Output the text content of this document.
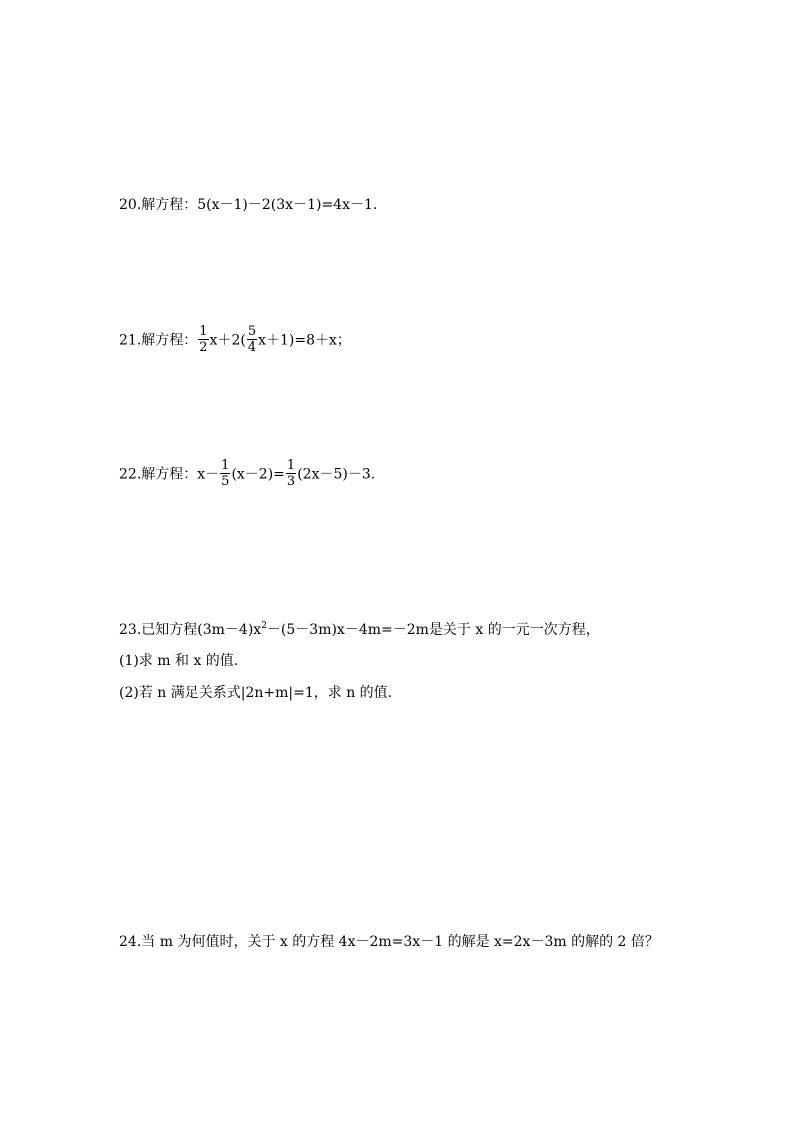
20.解方程：5(x－1)－2(3x－1)=4x－1.
21.解方程： $\frac{1}{2} x+2( \frac{5}{4} x+1)=8+x$；
22.解方程：$x- \frac{1}{5} (x-2)= \frac{1}{3} (2x-5)-3$.
23.已知方程$(3m-4)x^2-(5-3m)x-4m=-2m$是关于 x 的一元一次方程，
(1)求 m 和 x 的值.
(2)若 n 满足关系式|2n+m|=1，求 n 的值.
24.当 m 为何值时，关于 x 的方程 4x－2m=3x－1 的解是 x=2x－3m 的解的 2 倍？
